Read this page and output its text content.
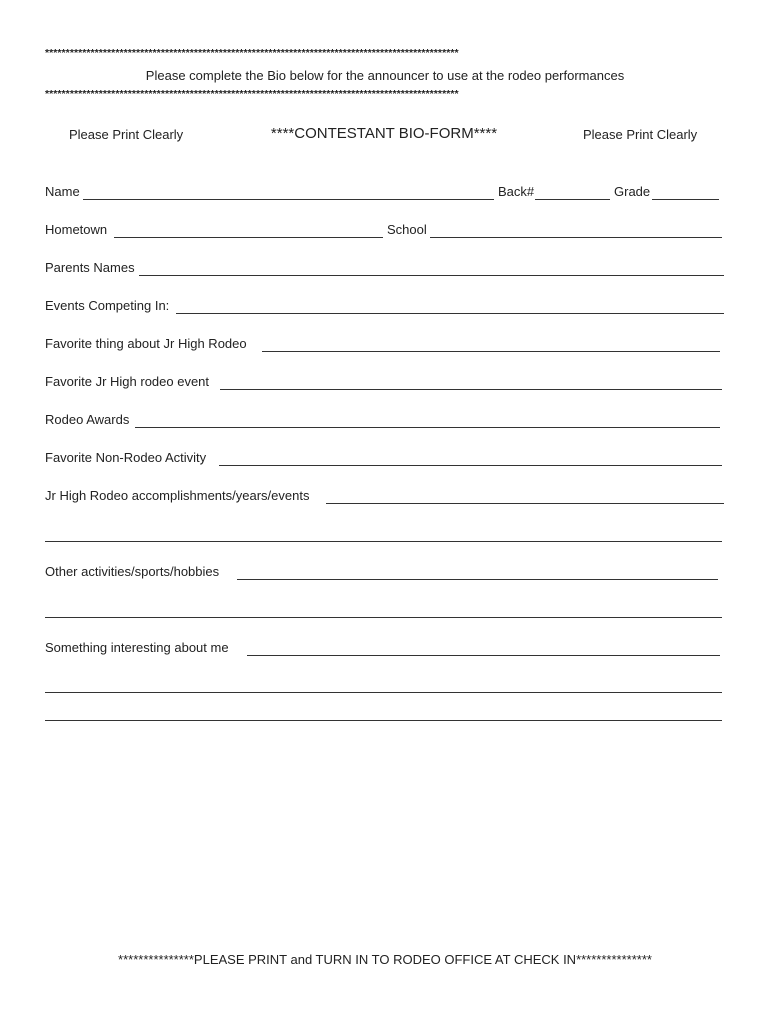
****************************************************************************************************
Please complete the Bio below for the announcer to use at the rodeo performances
****************************************************************************************************
Please Print Clearly	****CONTESTANT BIO-FORM****	Please Print Clearly
Name	Back#	Grade
Hometown	School
Parents Names
Events Competing In:
Favorite thing about Jr High Rodeo
Favorite Jr High rodeo event
Rodeo Awards
Favorite Non-Rodeo Activity
Jr High Rodeo accomplishments/years/events
Other activities/sports/hobbies
Something interesting about me
***************PLEASE PRINT and TURN IN TO RODEO OFFICE AT CHECK IN***************
